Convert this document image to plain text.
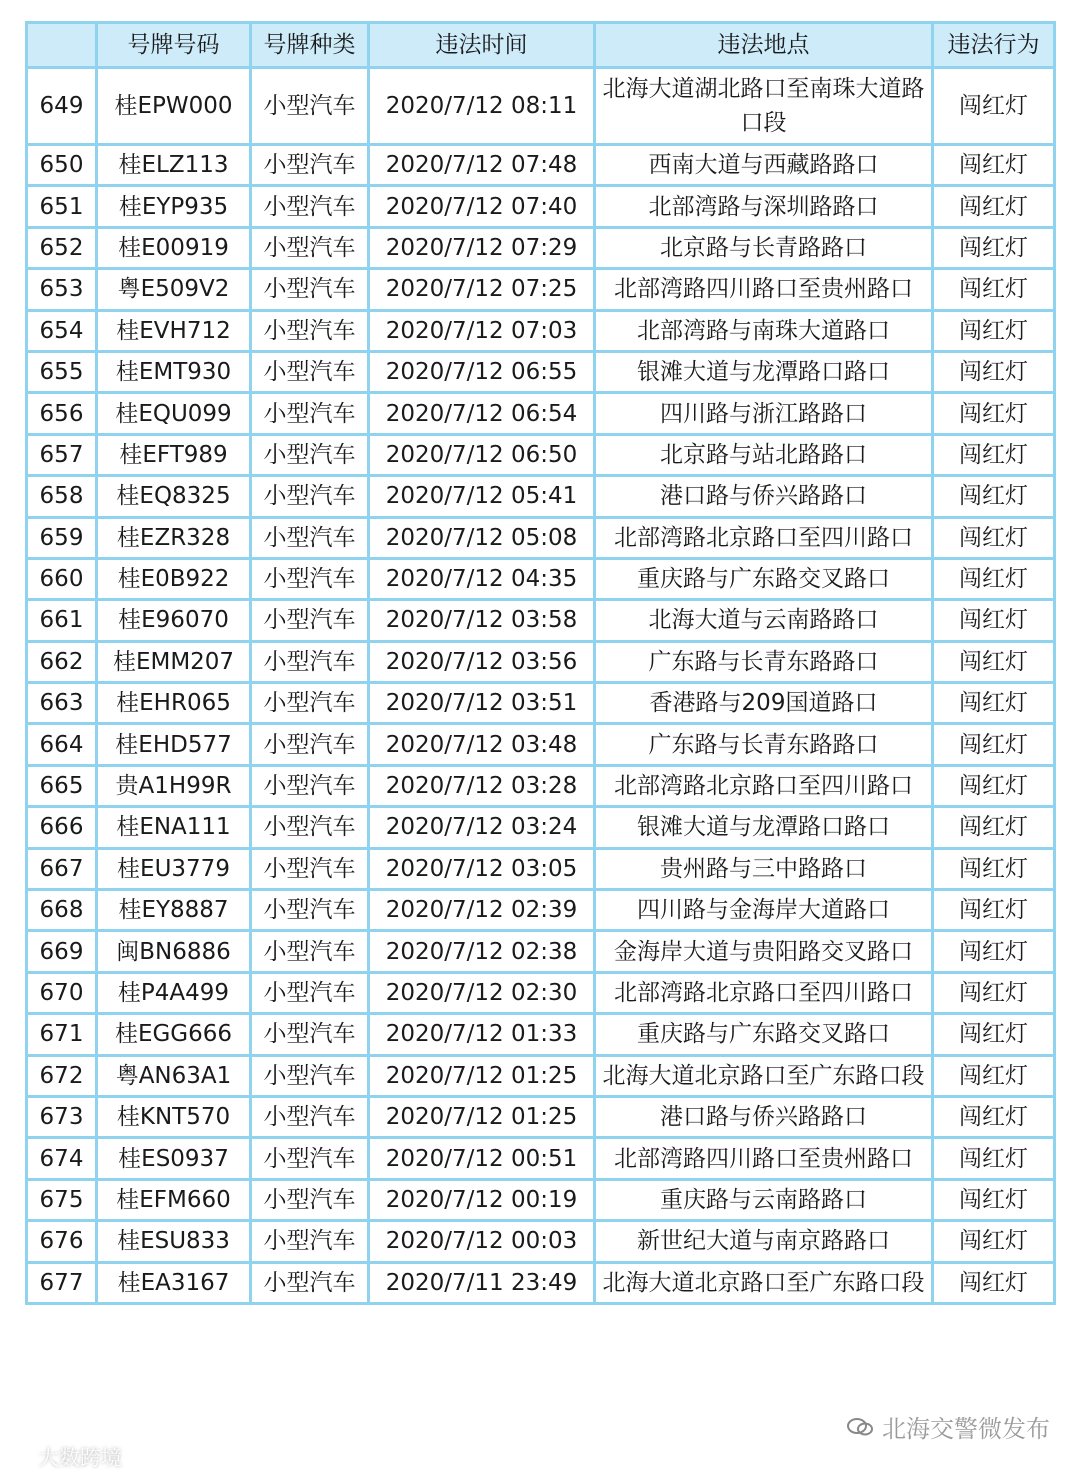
	号牌号码	号牌种类	违法时间	违法地点	违法行为
649	桂EPW000	小型汽车	2020/7/12 08:11	北海大道湖北路口至南珠大道路口段	闯红灯
650	桂ELZ113	小型汽车	2020/7/12 07:48	西南大道与西藏路路口	闯红灯
651	桂EYP935	小型汽车	2020/7/12 07:40	北部湾路与深圳路路口	闯红灯
652	桂E00919	小型汽车	2020/7/12 07:29	北京路与长青路路口	闯红灯
653	粤E509V2	小型汽车	2020/7/12 07:25	北部湾路四川路口至贵州路口	闯红灯
654	桂EVH712	小型汽车	2020/7/12 07:03	北部湾路与南珠大道路口	闯红灯
655	桂EMT930	小型汽车	2020/7/12 06:55	银滩大道与龙潭路口路口	闯红灯
656	桂EQU099	小型汽车	2020/7/12 06:54	四川路与浙江路路口	闯红灯
657	桂EFT989	小型汽车	2020/7/12 06:50	北京路与站北路路口	闯红灯
658	桂EQ8325	小型汽车	2020/7/12 05:41	港口路与侨兴路路口	闯红灯
659	桂EZR328	小型汽车	2020/7/12 05:08	北部湾路北京路口至四川路口	闯红灯
660	桂E0B922	小型汽车	2020/7/12 04:35	重庆路与广东路交叉路口	闯红灯
661	桂E96070	小型汽车	2020/7/12 03:58	北海大道与云南路路口	闯红灯
662	桂EMM207	小型汽车	2020/7/12 03:56	广东路与长青东路路口	闯红灯
663	桂EHR065	小型汽车	2020/7/12 03:51	香港路与209国道路口	闯红灯
664	桂EHD577	小型汽车	2020/7/12 03:48	广东路与长青东路路口	闯红灯
665	贵A1H99R	小型汽车	2020/7/12 03:28	北部湾路北京路口至四川路口	闯红灯
666	桂ENA111	小型汽车	2020/7/12 03:24	银滩大道与龙潭路口路口	闯红灯
667	桂EU3779	小型汽车	2020/7/12 03:05	贵州路与三中路路口	闯红灯
668	桂EY8887	小型汽车	2020/7/12 02:39	四川路与金海岸大道路口	闯红灯
669	闽BN6886	小型汽车	2020/7/12 02:38	金海岸大道与贵阳路交叉路口	闯红灯
670	桂P4A499	小型汽车	2020/7/12 02:30	北部湾路北京路口至四川路口	闯红灯
671	桂EGG666	小型汽车	2020/7/12 01:33	重庆路与广东路交叉路口	闯红灯
672	粤AN63A1	小型汽车	2020/7/12 01:25	北海大道北京路口至广东路口段	闯红灯
673	桂KNT570	小型汽车	2020/7/12 01:25	港口路与侨兴路路口	闯红灯
674	桂ES0937	小型汽车	2020/7/12 00:51	北部湾路四川路口至贵州路口	闯红灯
675	桂EFM660	小型汽车	2020/7/12 00:19	重庆路与云南路路口	闯红灯
676	桂ESU833	小型汽车	2020/7/12 00:03	新世纪大道与南京路路口	闯红灯
677	桂EA3167	小型汽车	2020/7/11 23:49	北海大道北京路口至广东路口段	闯红灯
大数跨境
北海交警微发布
